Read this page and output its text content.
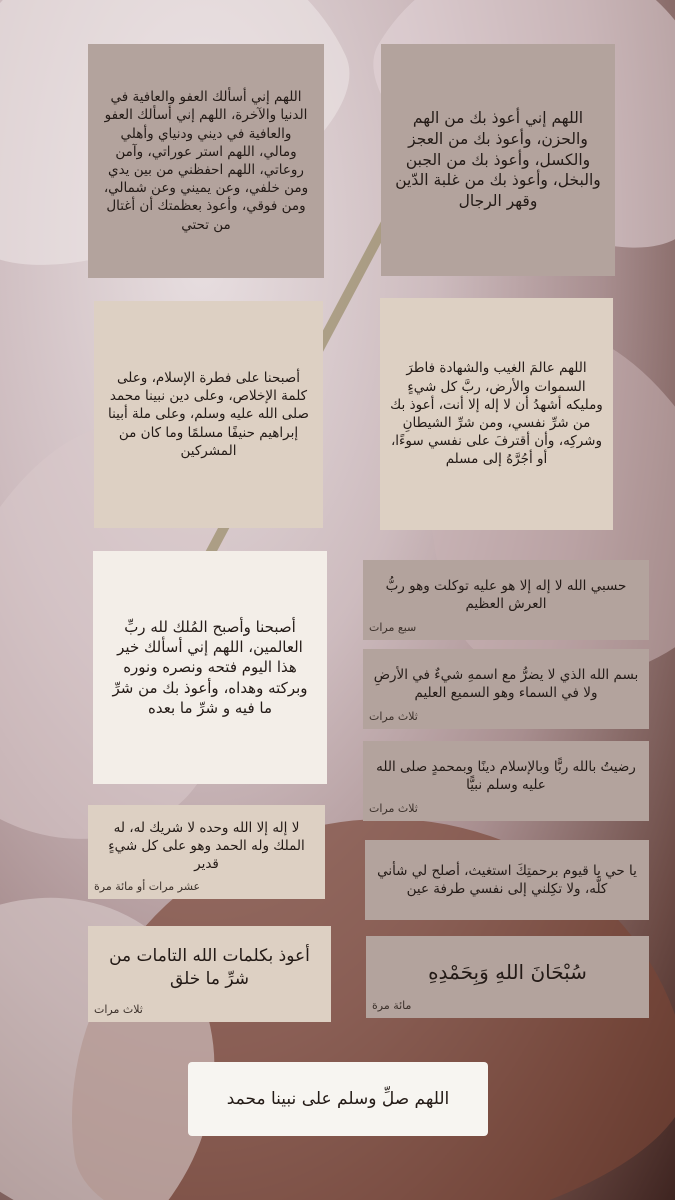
اللهم إني أسألك العفو والعافية في الدنيا والآخرة، اللهم إني أسألك العفو والعافية في ديني ودنياي وأهلي ومالي، اللهم استر عوراتي، وآمن روعاتي، اللهم احفظني من بين يدي ومن خلفي، وعن يميني وعن شمالي، ومن فوقي، وأعوذ بعظمتك أن أغتال من تحتي
اللهم إني أعوذ بك من الهم والحزن، وأعوذ بك من العجز والكسل، وأعوذ بك من الجبن والبخل، وأعوذ بك من غلبة الدّين وقهر الرجال
أصبحنا على فطرة الإسلام، وعلى كلمة الإخلاص، وعلى دين نبينا محمد صلى الله عليه وسلم، وعلى ملة أبينا إبراهيم حنيفًا مسلمًا وما كان من المشركين
اللهم عالمَ الغيب والشهادة فاطرَ السموات والأرض، ربَّ كل شيءٍ ومليكه أشهدُ أن لا إله إلا أنت، أعوذ بك من شرِّ نفسي، ومن شرِّ الشيطانِ وشركِه، وأن أقترفَ على نفسي سوءًا، أو أجُرَّهُ إلى مسلم
أصبحنا وأصبح المُلك لله ربِّ العالمين، اللهم إني أسألك خير هذا اليوم فتحه ونصره ونوره وبركته وهداه، وأعوذ بك من شرِّ ما فيه و شرِّ ما بعده
حسبي الله لا إله إلا هو عليه توكلت وهو ربُّ العرش العظيم
سبع مرات
بسم الله الذي لا يضرُّ مع اسمهِ شيءٌ في الأرضِ ولا في السماء وهو السميع العليم
ثلاث مرات
رضيتُ بالله ربًّا وبالإسلام دينًا وبمحمدٍ صلى الله عليه وسلم نبيًّا
ثلاث مرات
لا إله إلا الله وحده لا شريك له، له الملك وله الحمد وهو على كل شيءٍ قدير
عشر مرات أو مائة مرة
يا حي يا قيوم برحمتِكَ استغيث، أصلح لي شأني كلَّه، ولا تكِلني إلى نفسي طرفة عين
أعوذ بكلمات الله التامات من شرِّ ما خلق
ثلاث مرات
سُبْحَانَ اللهِ وَبِحَمْدِهِ
مائة مرة
اللهم صلِّ وسلم على نبينا محمد
